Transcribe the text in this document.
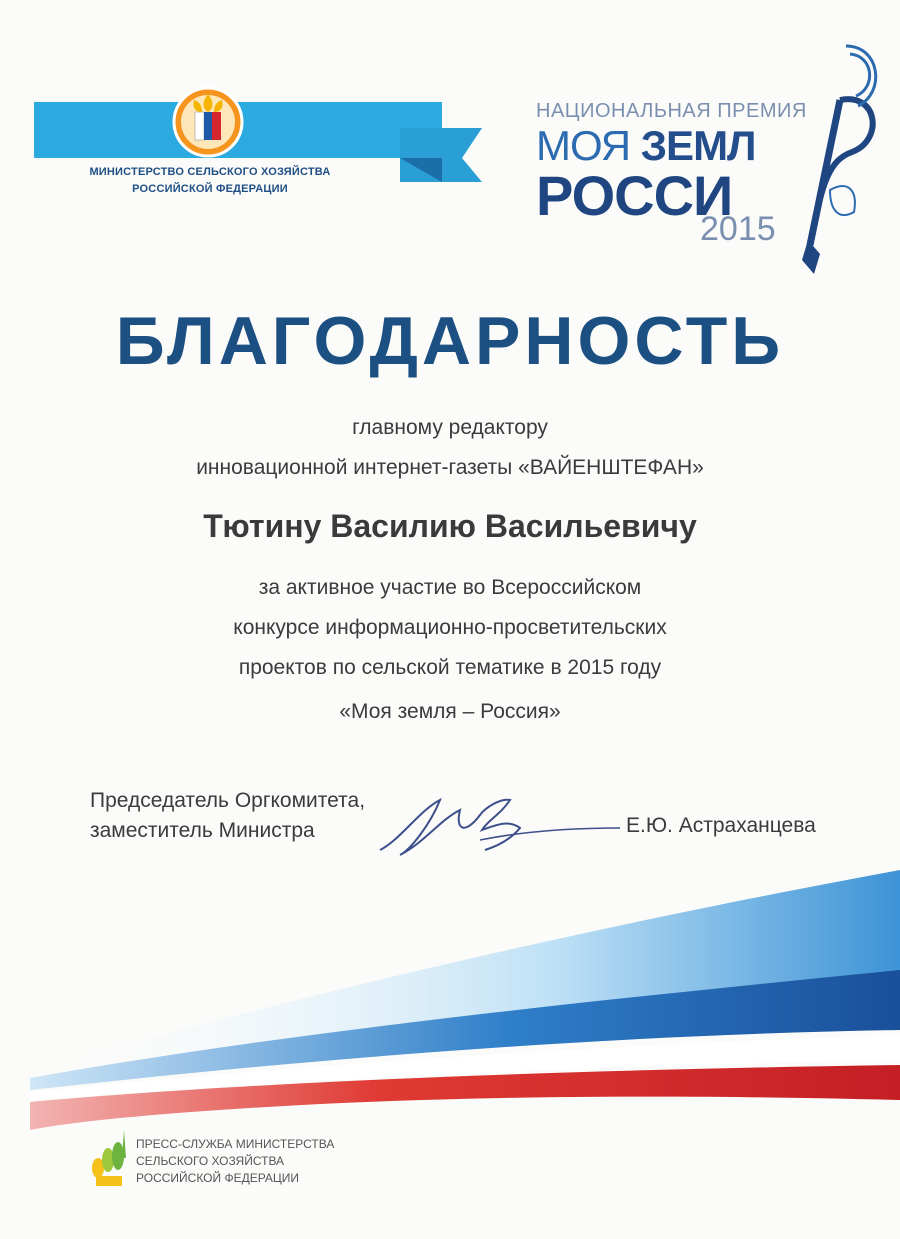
МИНИСТЕРСТВО СЕЛЬСКОГО ХОЗЯЙСТВА
РОССИЙСКОЙ ФЕДЕРАЦИИ
НАЦИОНАЛЬНАЯ ПРЕМИЯ
МОЯ ЗЕМЛ
РОССИ
2015
БЛАГОДАРНОСТЬ
главному редактору
инновационной интернет-газеты «ВАЙЕНШТЕФАН»
Тютину Василию Васильевичу
за активное участие во Всероссийском
конкурсе информационно-просветительских
проектов по сельской тематике в 2015 году
«Моя земля – Россия»
Председатель Оргкомитета,
заместитель Министра	Е.Ю. Астраханцева
ПРЕСС-СЛУЖБА МИНИСТЕРСТВА
СЕЛЬСКОГО ХОЗЯЙСТВА
РОССИЙСКОЙ ФЕДЕРАЦИИ
